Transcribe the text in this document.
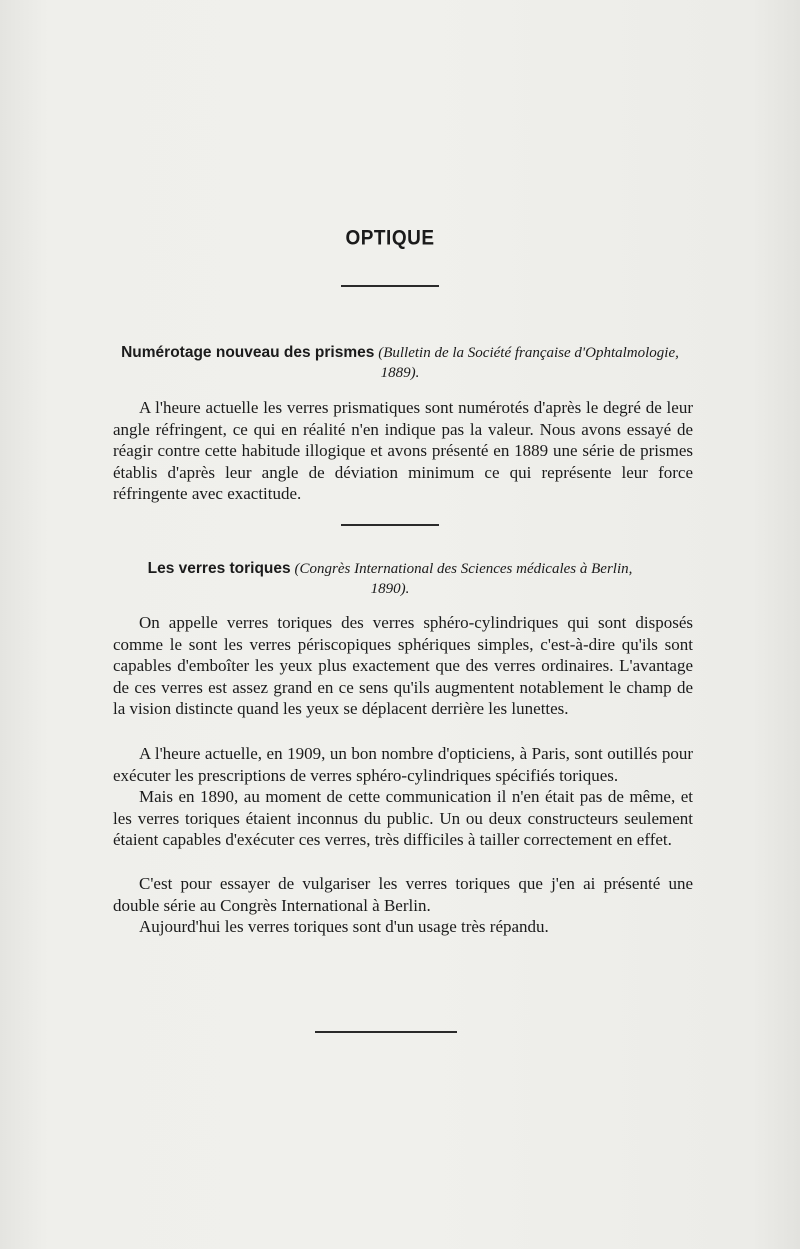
OPTIQUE
Numérotage nouveau des prismes (Bulletin de la Société française d'Ophtalmologie, 1889).

A l'heure actuelle les verres prismatiques sont numérotés d'après le degré de leur angle réfringent, ce qui en réalité n'en indique pas la valeur. Nous avons essayé de réagir contre cette habitude illogique et avons présenté en 1889 une série de prismes établis d'après leur angle de déviation minimum ce qui représente leur force réfringente avec exactitude.

Les verres toriques (Congrès International des Sciences médicales à Berlin, 1890).

On appelle verres toriques des verres sphéro-cylindriques qui sont disposés comme le sont les verres périscopiques sphériques simples, c'est-à-dire qu'ils sont capables d'emboîter les yeux plus exactement que des verres ordinaires. L'avantage de ces verres est assez grand en ce sens qu'ils augmentent notablement le champ de la vision distincte quand les yeux se déplacent derrière les lunettes.

A l'heure actuelle, en 1909, un bon nombre d'opticiens, à Paris, sont outillés pour exécuter les prescriptions de verres sphéro-cylindriques spécifiés toriques.

Mais en 1890, au moment de cette communication il n'en était pas de même, et les verres toriques étaient inconnus du public. Un ou deux constructeurs seulement étaient capables d'exécuter ces verres, très difficiles à tailler correctement en effet.

C'est pour essayer de vulgariser les verres toriques que j'en ai présenté une double série au Congrès International à Berlin.

Aujourd'hui les verres toriques sont d'un usage très répandu.
